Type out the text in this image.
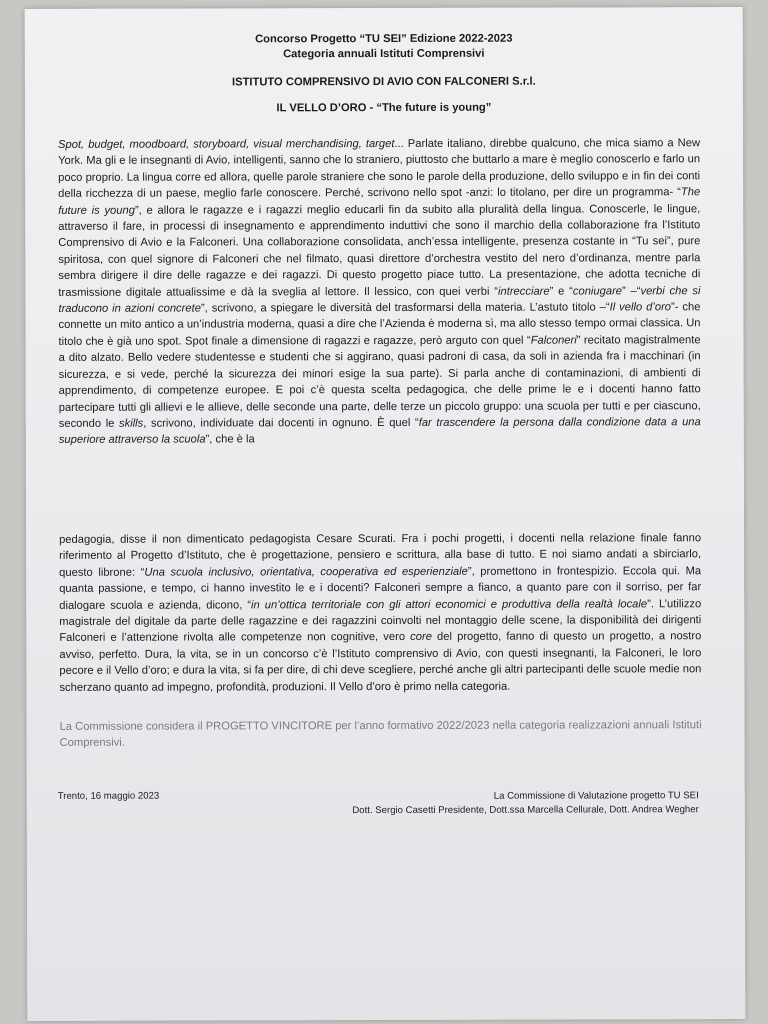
Concorso Progetto “TU SEI” Edizione 2022-2023
Categoria annuali Istituti Comprensivi
ISTITUTO COMPRENSIVO DI AVIO CON FALCONERI S.r.l.
IL VELLO D’ORO - “The future is young”
Spot, budget, moodboard, storyboard, visual merchandising, target... Parlate italiano, direbbe qualcuno, che mica siamo a New York. Ma gli e le insegnanti di Avio, intelligenti, sanno che lo straniero, piuttosto che buttarlo a mare è meglio conoscerlo e farlo un poco proprio. La lingua corre ed allora, quelle parole straniere che sono le parole della produzione, dello sviluppo e in fin dei conti della ricchezza di un paese, meglio farle conoscere. Perché, scrivono nello spot -anzi: lo titolano, per dire un programma- “The future is young”, e allora le ragazze e i ragazzi meglio educarli fin da subito alla pluralità della lingua. Conoscerle, le lingue, attraverso il fare, in processi di insegnamento e apprendimento induttivi che sono il marchio della collaborazione fra l’Istituto Comprensivo di Avio e la Falconeri. Una collaborazione consolidata, anch’essa intelligente, presenza costante in “Tu sei”, pure spiritosa, con quel signore di Falconeri che nel filmato, quasi direttore d’orchestra vestito del nero d’ordinanza, mentre parla sembra dirigere il dire delle ragazze e dei ragazzi. Di questo progetto piace tutto. La presentazione, che adotta tecniche di trasmissione digitale attualissime e dà la sveglia al lettore. Il lessico, con quei verbi “intrecciare” e “coniugare” –“verbi che si traducono in azioni concrete”, scrivono, a spiegare le diversità del trasformarsi della materia. L’astuto titolo –“Il vello d’oro”- che connette un mito antico a un’industria moderna, quasi a dire che l’Azienda è moderna sì, ma allo stesso tempo ormai classica. Un titolo che è già uno spot. Spot finale a dimensione di ragazzi e ragazze, però arguto con quel “Falconeri” recitato magistralmente a dito alzato. Bello vedere studentesse e studenti che si aggirano, quasi padroni di casa, da soli in azienda fra i macchinari (in sicurezza, e si vede, perché la sicurezza dei minori esige la sua parte). Si parla anche di contaminazioni, di ambienti di apprendimento, di competenze europee. E poi c’è questa scelta pedagogica, che delle prime le e i docenti hanno fatto partecipare tutti gli allievi e le allieve, delle seconde una parte, delle terze un piccolo gruppo: una scuola per tutti e per ciascuno, secondo le skills, scrivono, individuate dai docenti in ognuno. È quel “far trascendere la persona dalla condizione data a una superiore attraverso la scuola”, che è la
pedagogia, disse il non dimenticato pedagogista Cesare Scurati. Fra i pochi progetti, i docenti nella relazione finale fanno riferimento al Progetto d’Istituto, che è progettazione, pensiero e scrittura, alla base di tutto. E noi siamo andati a sbirciarlo, questo librone: “Una scuola inclusivo, orientativa, cooperativa ed esperienziale”, promettono in frontespizio. Eccola qui. Ma quanta passione, e tempo, ci hanno investito le e i docenti? Falconeri sempre a fianco, a quanto pare con il sorriso, per far dialogare scuola e azienda, dicono, “in un’ottica territoriale con gli attori economici e produttiva della realtà locale”. L’utilizzo magistrale del digitale da parte delle ragazzine e dei ragazzini coinvolti nel montaggio delle scene, la disponibilità dei dirigenti Falconeri e l’attenzione rivolta alle competenze non cognitive, vero core del progetto, fanno di questo un progetto, a nostro avviso, perfetto. Dura, la vita, se in un concorso c’è l’Istituto comprensivo di Avio, con questi insegnanti, la Falconeri, le loro pecore e il Vello d’oro; e dura la vita, si fa per dire, di chi deve scegliere, perché anche gli altri partecipanti delle scuole medie non scherzano quanto ad impegno, profondità, produzioni. Il Vello d’oro è primo nella categoria.
La Commissione considera il PROGETTO VINCITORE per l’anno formativo 2022/2023 nella categoria realizzazioni annuali Istituti Comprensivi.
Trento, 16 maggio 2023	La Commissione di Valutazione progetto TU SEI
Dott. Sergio Casetti Presidente, Dott.ssa Marcella Cellurale, Dott. Andrea Wegher
